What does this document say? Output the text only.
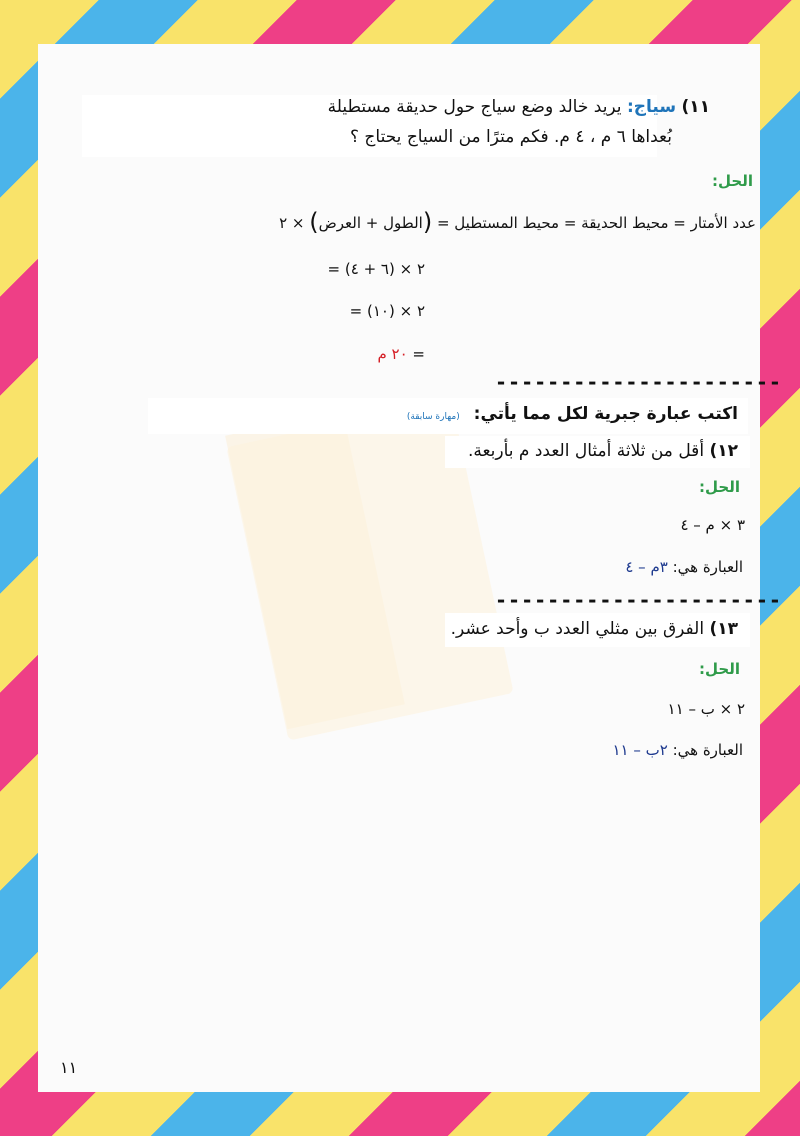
١١) سياج: يريد خالد وضع سياج حول حديقة مستطيلة
بُعداها ٦ م ، ٤ م. فكم مترًا من السياج يحتاج ؟
الحل:
عدد الأمتار = محيط الحديقة = محيط المستطيل = (الطول + العرض) × ٢
= (٦ + ٤) × ٢
= (١٠) × ٢
= ٢٠ م
----------------------
اكتب عبارة جبرية لكل مما يأتي: (مهارة سابقة)
١٢) أقل من ثلاثة أمثال العدد م بأربعة.
الحل:
٣ × م – ٤
العبارة هي: ٣م – ٤
----------------------
١٣) الفرق بين مثلي العدد ب وأحد عشر.
الحل:
٢ × ب – ١١
العبارة هي: ٢ب – ١١
١١
